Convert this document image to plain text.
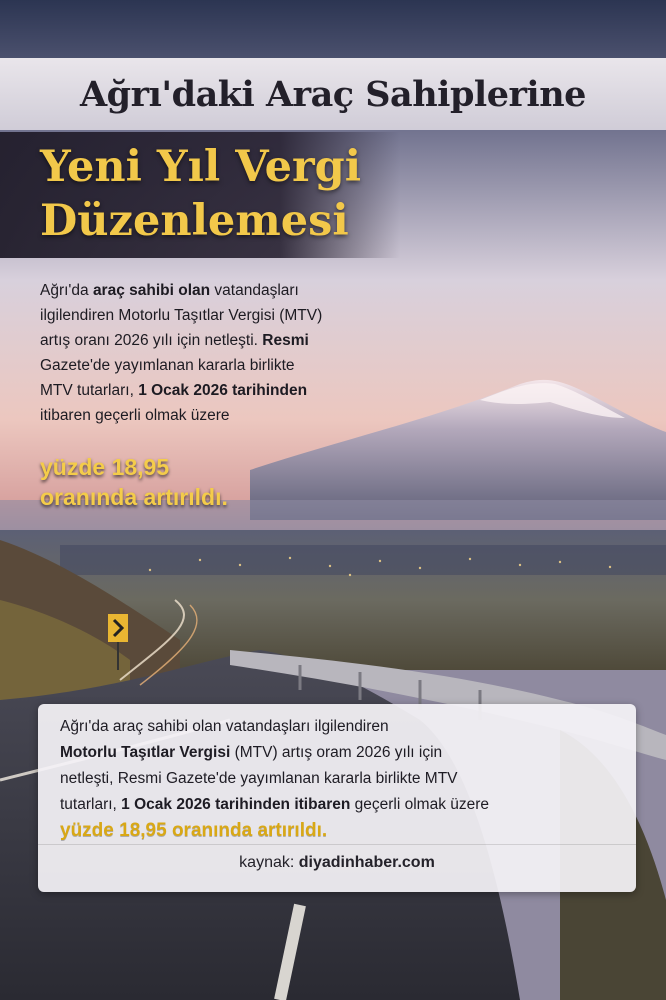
Ağrı'daki Araç Sahiplerine
Yeni Yıl Vergi
Düzenlemesi

Ağrı'da araç sahibi olan vatandaşları

ilgilendiren Motorlu Taşıtlar Vergisi (MTV)

artış oranı 2026 yılı için netleşti. Resmi

Gazete'de yayımlanan kararla birlikte

MTV tutarları, 1 Ocak 2026 tarihinden

itibaren geçerli olmak üzere

yüzde 18,95
oranında artırıldı.

Ağrı'da araç sahibi olan vatandaşları ilgilendiren

Motorlu Taşıtlar Vergisi (MTV) artış oram 2026 yılı için

netleşti, Resmi Gazete'de yayımlanan kararla birlikte MTV

tutarları, 1 Ocak 2026 tarihinden itibaren geçerli olmak üzere

yüzde 18,95 oranında artırıldı.

kaynak: diyadinhaber.com
